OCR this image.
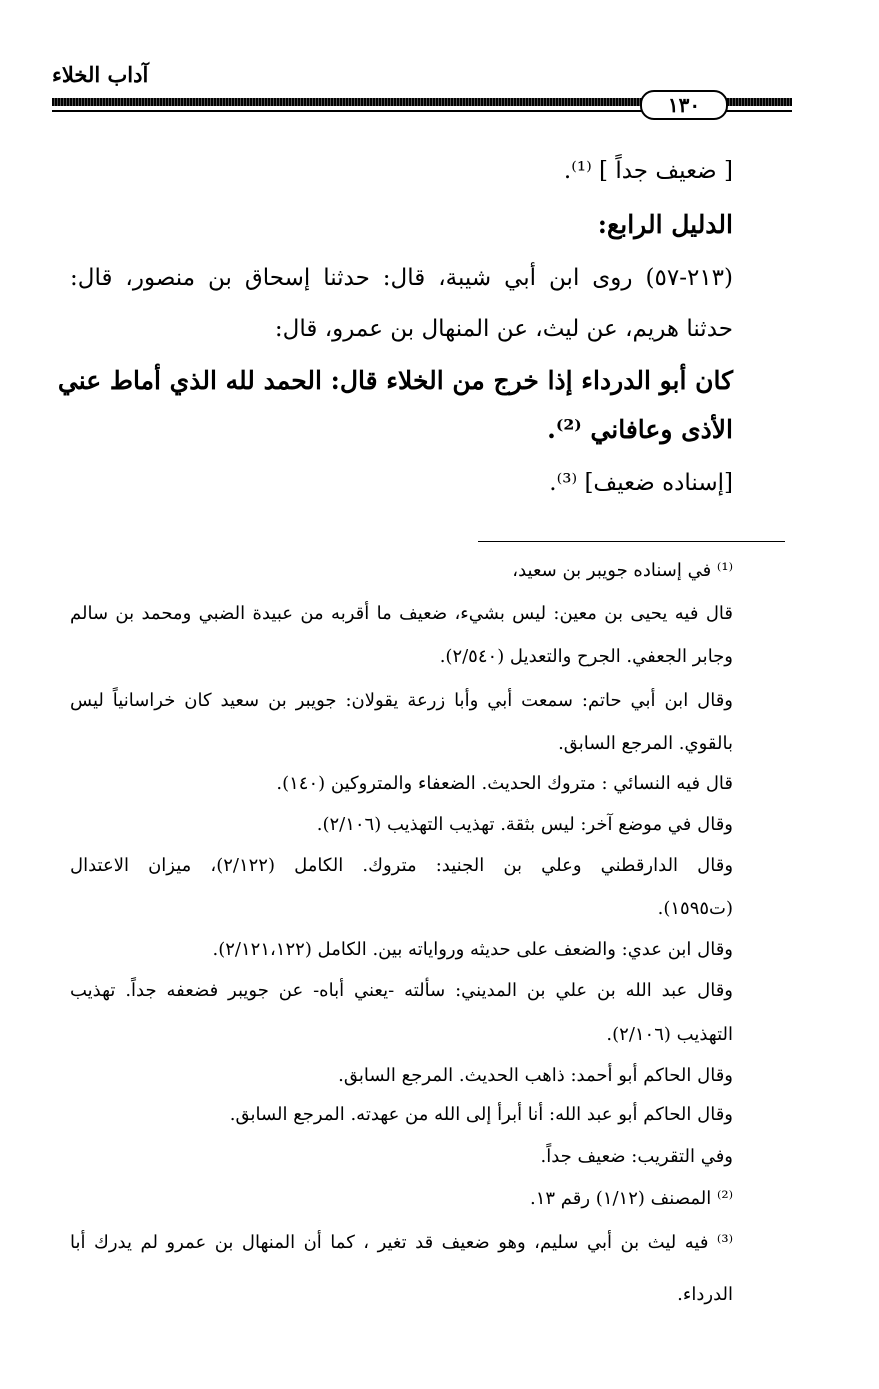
آداب الخلاء
١٣٠
[ ضعيف جداً ] ⁽¹⁾.
الدليل الرابع:
(٢١٣-٥٧) روى ابن أبي شيبة، قال: حدثنا إسحاق بن منصور، قال:
حدثنا هريم، عن ليث، عن المنهال بن عمرو، قال:
كان أبو الدرداء إذا خرج من الخلاء قال: الحمد لله الذي أماط عني
الأذى وعافاني ⁽²⁾.
[إسناده ضعيف] ⁽³⁾.
⁽¹⁾ في إسناده جويبر بن سعيد،
قال فيه يحيى بن معين: ليس بشيء، ضعيف ما أقربه من عبيدة الضبي ومحمد بن سالم
وجابر الجعفي. الجرح والتعديل (٢/٥٤٠).
وقال ابن أبي حاتم: سمعت أبي وأبا زرعة يقولان: جويبر بن سعيد كان خراسانياً ليس
بالقوي. المرجع السابق.
قال فيه النسائي : متروك الحديث. الضعفاء والمتروكين (١٤٠).
وقال في موضع آخر: ليس بثقة. تهذيب التهذيب (٢/١٠٦).
وقال الدارقطني وعلي بن الجنيد: متروك. الكامل (٢/١٢٢)، ميزان الاعتدال
(ت١٥٩٥).
وقال ابن عدي: والضعف على حديثه ورواياته بين. الكامل (٢/١٢١،١٢٢).
وقال عبد الله بن علي بن المديني: سألته -يعني أباه- عن جويبر فضعفه جداً. تهذيب
التهذيب (٢/١٠٦).
وقال الحاكم أبو أحمد: ذاهب الحديث. المرجع السابق.
وقال الحاكم أبو عبد الله: أنا أبرأ إلى الله من عهدته. المرجع السابق.
وفي التقريب: ضعيف جداً.
⁽²⁾ المصنف (١/١٢) رقم ١٣.
⁽³⁾ فيه ليث بن أبي سليم، وهو ضعيف قد تغير ، كما أن المنهال بن عمرو لم يدرك أبا
الدرداء.
